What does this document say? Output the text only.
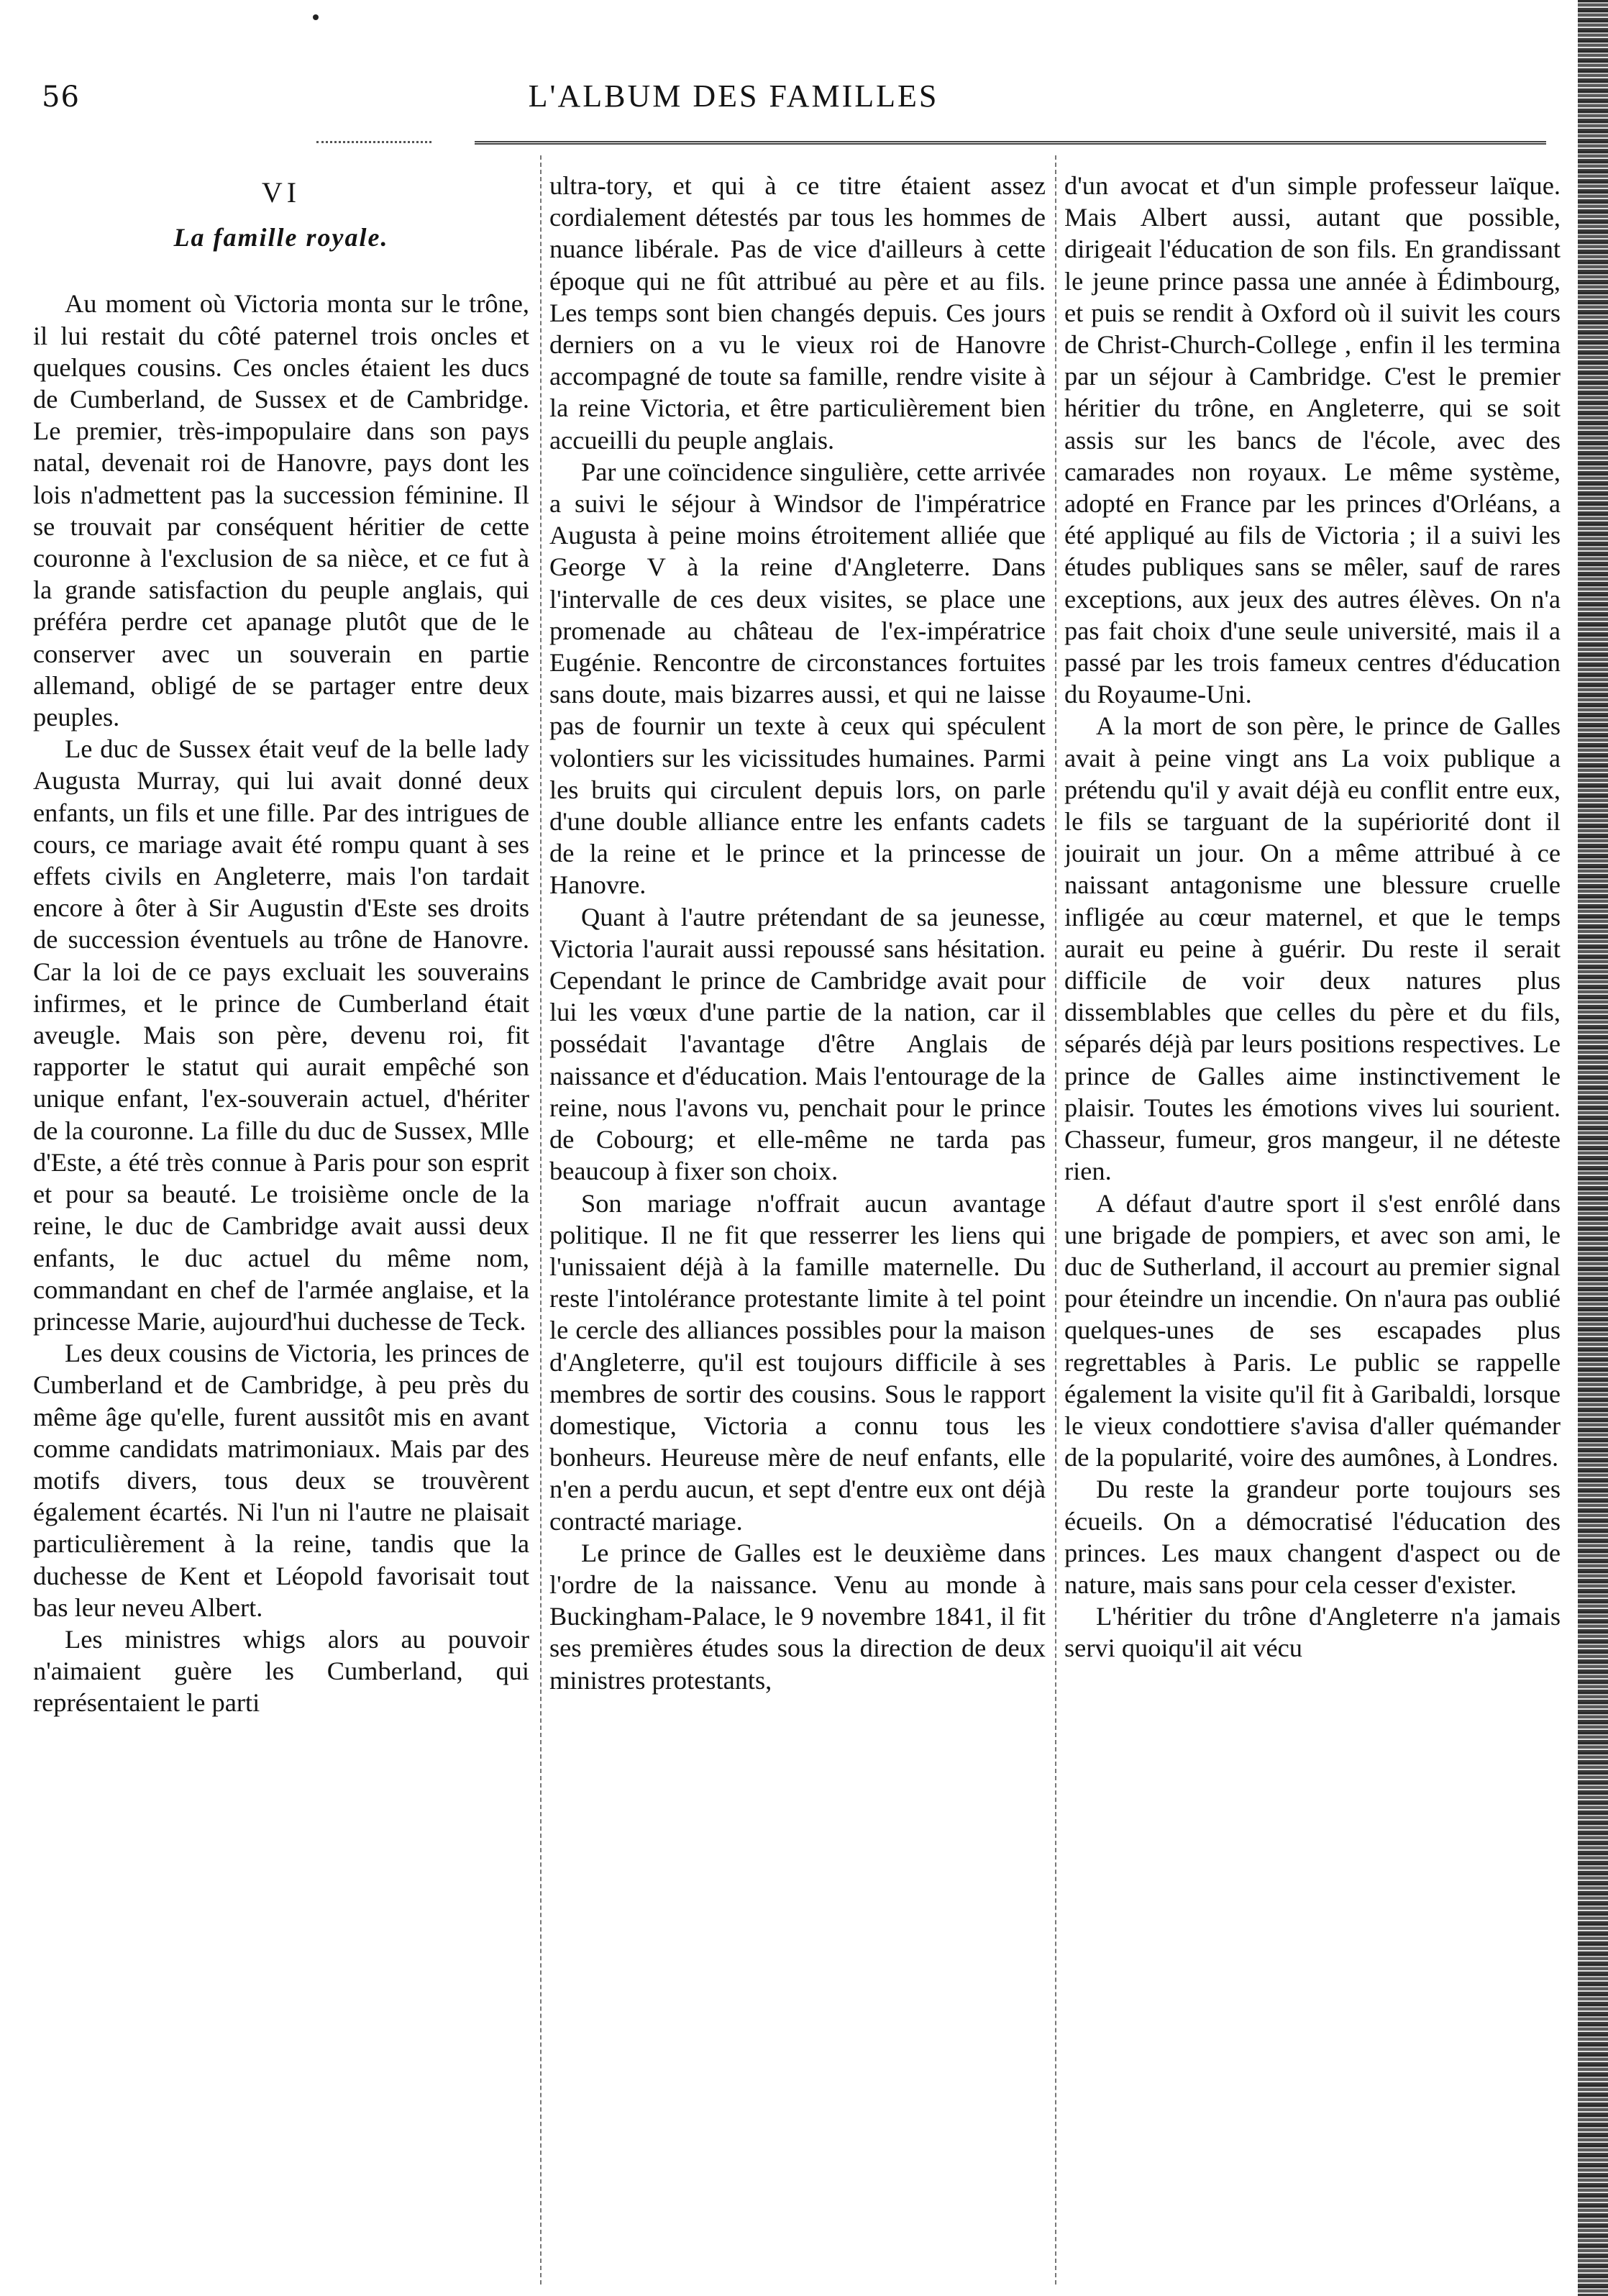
56	L'ALBUM DES FAMILLES
VI
La famille royale.

Au moment où Victoria monta sur le trône, il lui restait du côté paternel trois oncles et quelques cousins. Ces oncles étaient les ducs de Cumberland, de Sussex et de Cambridge. Le premier, très-impopulaire dans son pays natal, devenait roi de Hanovre, pays dont les lois n'admettent pas la succession féminine. Il se trouvait par conséquent héritier de cette couronne à l'exclusion de sa nièce, et ce fut à la grande satisfaction du peuple anglais, qui préféra perdre cet apanage plutôt que de le conserver avec un souverain en partie allemand, obligé de se partager entre deux peuples.

Le duc de Sussex était veuf de la belle lady Augusta Murray, qui lui avait donné deux enfants, un fils et une fille. Par des intrigues de cours, ce mariage avait été rompu quant à ses effets civils en Angleterre, mais l'on tardait encore à ôter à Sir Augustin d'Este ses droits de succession éventuels au trône de Hanovre. Car la loi de ce pays excluait les souverains infirmes, et le prince de Cumberland était aveugle. Mais son père, devenu roi, fit rapporter le statut qui aurait empêché son unique enfant, l'ex-souverain actuel, d'hériter de la couronne. La fille du duc de Sussex, Mlle d'Este, a été très connue à Paris pour son esprit et pour sa beauté. Le troisième oncle de la reine, le duc de Cambridge avait aussi deux enfants, le duc actuel du même nom, commandant en chef de l'armée anglaise, et la princesse Marie, aujourd'hui duchesse de Teck.

Les deux cousins de Victoria, les princes de Cumberland et de Cambridge, à peu près du même âge qu'elle, furent aussitôt mis en avant comme candidats matrimoniaux. Mais par des motifs divers, tous deux se trouvèrent également écartés. Ni l'un ni l'autre ne plaisait particulièrement à la reine, tandis que la duchesse de Kent et Léopold favorisait tout bas leur neveu Albert.

Les ministres whigs alors au pouvoir n'aimaient guère les Cumberland, qui représentaient le parti

ultra-tory, et qui à ce titre étaient assez cordialement détestés par tous les hommes de nuance libérale. Pas de vice d'ailleurs à cette époque qui ne fût attribué au père et au fils. Les temps sont bien changés depuis. Ces jours derniers on a vu le vieux roi de Hanovre accompagné de toute sa famille, rendre visite à la reine Victoria, et être particulièrement bien accueilli du peuple anglais.

Par une coïncidence singulière, cette arrivée a suivi le séjour à Windsor de l'impératrice Augusta à peine moins étroitement alliée que George V à la reine d'Angleterre. Dans l'intervalle de ces deux visites, se place une promenade au château de l'ex-impératrice Eugénie. Rencontre de circonstances fortuites sans doute, mais bizarres aussi, et qui ne laisse pas de fournir un texte à ceux qui spéculent volontiers sur les vicissitudes humaines. Parmi les bruits qui circulent depuis lors, on parle d'une double alliance entre les enfants cadets de la reine et le prince et la princesse de Hanovre.

Quant à l'autre prétendant de sa jeunesse, Victoria l'aurait aussi repoussé sans hésitation. Cependant le prince de Cambridge avait pour lui les vœux d'une partie de la nation, car il possédait l'avantage d'être Anglais de naissance et d'éducation. Mais l'entourage de la reine, nous l'avons vu, penchait pour le prince de Cobourg; et elle-même ne tarda pas beaucoup à fixer son choix.

Son mariage n'offrait aucun avantage politique. Il ne fit que resserrer les liens qui l'unissaient déjà à la famille maternelle. Du reste l'intolérance protestante limite à tel point le cercle des alliances possibles pour la maison d'Angleterre, qu'il est toujours difficile à ses membres de sortir des cousins. Sous le rapport domestique, Victoria a connu tous les bonheurs. Heureuse mère de neuf enfants, elle n'en a perdu aucun, et sept d'entre eux ont déjà contracté mariage.

Le prince de Galles est le deuxième dans l'ordre de la naissance. Venu au monde à Buckingham-Palace, le 9 novembre 1841, il fit ses premières études sous la direction de deux ministres protestants,

d'un avocat et d'un simple professeur laïque. Mais Albert aussi, autant que possible, dirigeait l'éducation de son fils. En grandissant le jeune prince passa une année à Édimbourg, et puis se rendit à Oxford où il suivit les cours de Christ-Church-College , enfin il les termina par un séjour à Cambridge. C'est le premier héritier du trône, en Angleterre, qui se soit assis sur les bancs de l'école, avec des camarades non royaux. Le même système, adopté en France par les princes d'Orléans, a été appliqué au fils de Victoria ; il a suivi les études publiques sans se mêler, sauf de rares exceptions, aux jeux des autres élèves. On n'a pas fait choix d'une seule université, mais il a passé par les trois fameux centres d'éducation du Royaume-Uni.

A la mort de son père, le prince de Galles avait à peine vingt ans La voix publique a prétendu qu'il y avait déjà eu conflit entre eux, le fils se targuant de la supériorité dont il jouirait un jour. On a même attribué à ce naissant antagonisme une blessure cruelle infligée au cœur maternel, et que le temps aurait eu peine à guérir. Du reste il serait difficile de voir deux natures plus dissemblables que celles du père et du fils, séparés déjà par leurs positions respectives. Le prince de Galles aime instinctivement le plaisir. Toutes les émotions vives lui sourient. Chasseur, fumeur, gros mangeur, il ne déteste rien.

A défaut d'autre sport il s'est enrôlé dans une brigade de pompiers, et avec son ami, le duc de Sutherland, il accourt au premier signal pour éteindre un incendie. On n'aura pas oublié quelques-unes de ses escapades plus regrettables à Paris. Le public se rappelle également la visite qu'il fit à Garibaldi, lorsque le vieux condottiere s'avisa d'aller quémander de la popularité, voire des aumônes, à Londres.

Du reste la grandeur porte toujours ses écueils. On a démocratisé l'éducation des princes. Les maux changent d'aspect ou de nature, mais sans pour cela cesser d'exister.

L'héritier du trône d'Angleterre n'a jamais servi quoiqu'il ait vécu
